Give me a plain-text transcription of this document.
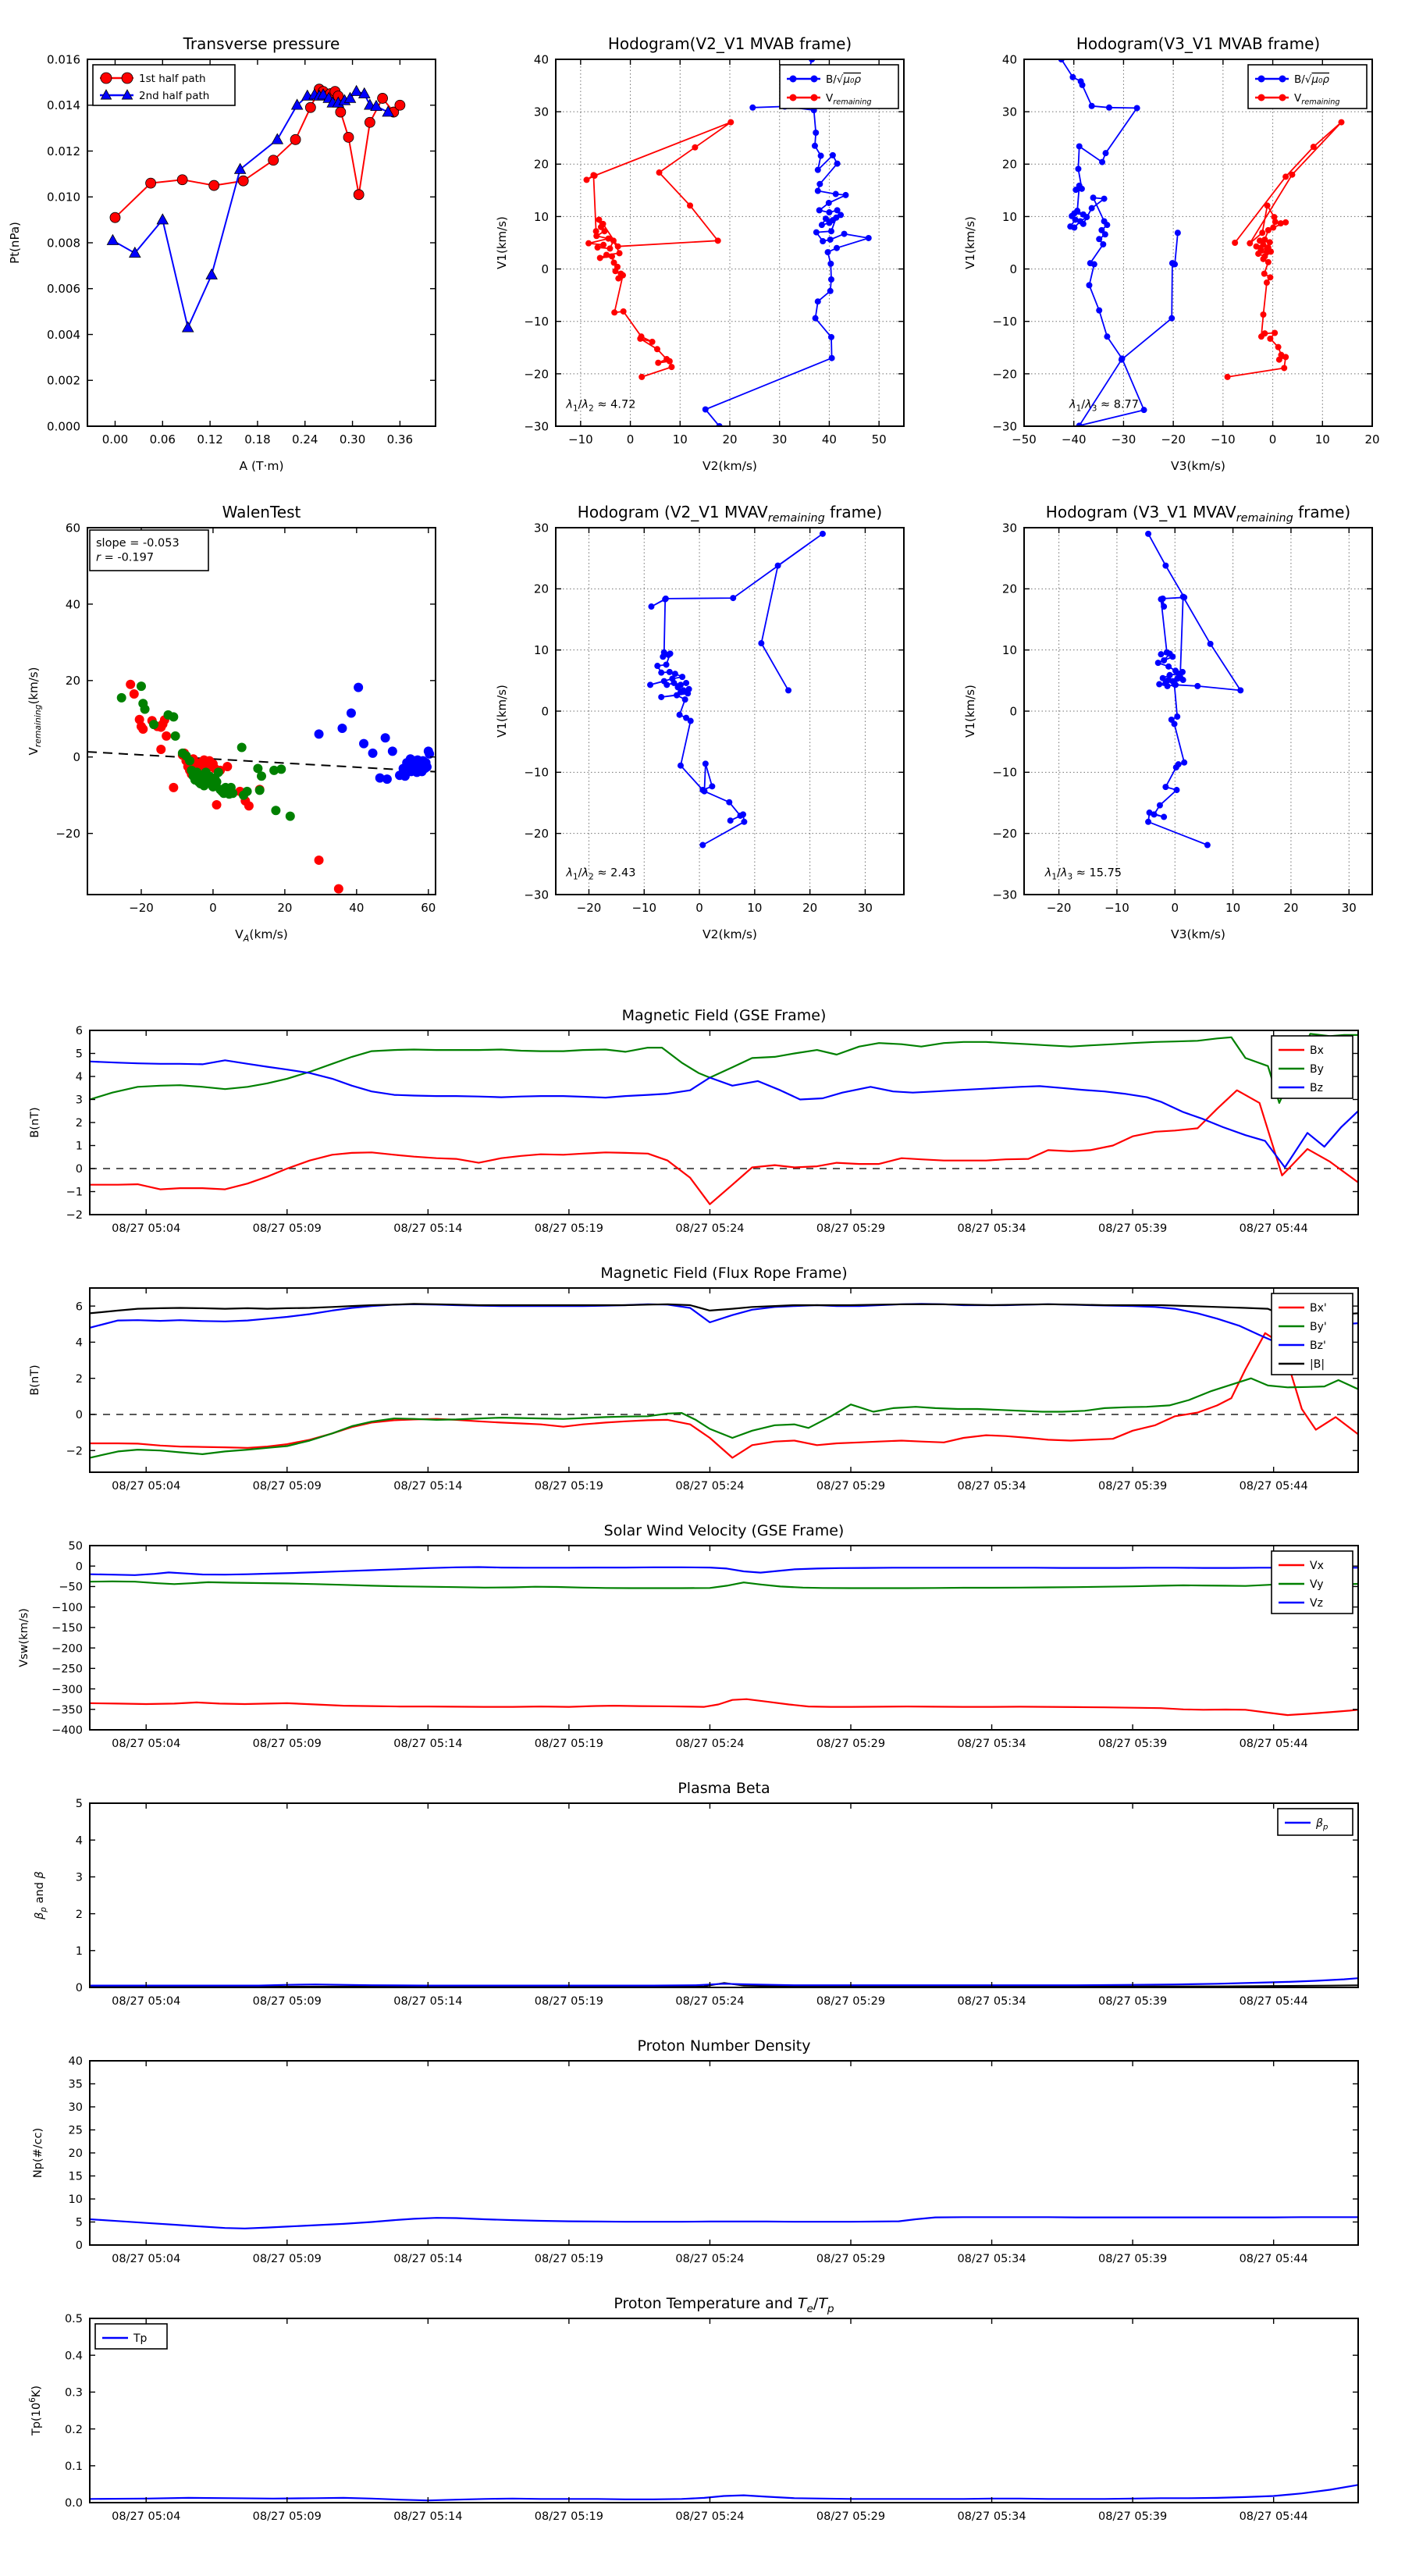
0.00 0.06 0.12 0.18 0.24 0.30 0.36
0.000
0.002
0.004
0.006
0.008
0.010
0.012
0.014
0.016
Transverse pressure
A (T·m)
Pt(nPa)
1st half path
2nd half path
−10	0	10	20	30	40	50
−30
−20
−10
0
10
20
30
40
Hodogram(V2_V1 MVAB frame)
V2(km/s)
V1(km/s)
B/√μ₀ρ
$V_{remaining}$
$\lambda_1/\lambda_2 \approx 4.72$
−50 −40 −30 −20 −10	0	10	20
−30
−20
−10
0
10
20
30
40
Hodogram(V3_V1 MVAB frame)
V3(km/s)
V1(km/s)
B/√μ₀ρ
$V_{remaining}$
$\lambda_1/\lambda_3 \approx 8.77$
−20	0	20	40	60
−20
0
20
40
60
WalenTest
$V_A(km/s)$
$V_{remaining}(km/s)$
slope = -0.053
r = -0.197
−20	−10	0	10	20	30
−30
−20
−10
0
10
20
30
Hodogram (V2_V1 $MVAV_{remaining}$ frame)
V2(km/s)
V1(km/s)
$\lambda_1/\lambda_2 \approx 2.43$
−20	−10	0	10	20	30
−30
−20
−10
0
10
20
30
Hodogram (V3_V1 $MVAV_{remaining}$ frame)
V3(km/s)
V1(km/s)
$\lambda_1/\lambda_3 \approx 15.75$
08/27 05:04	08/27 05:09	08/27 05:14	08/27 05:19	08/27 05:24	08/27 05:29	08/27 05:34	08/27 05:39	08/27 05:44
−2
−1
0
1
2
3
4
5
6
Magnetic Field (GSE Frame)
B(nT)
Bx
By
Bz
08/27 05:04	08/27 05:09	08/27 05:14	08/27 05:19	08/27 05:24	08/27 05:29	08/27 05:34	08/27 05:39	08/27 05:44
−2
0
2
4
6
Magnetic Field (Flux Rope Frame)
B(nT)
Bx'
By'
Bz'
|B|
08/27 05:04	08/27 05:09	08/27 05:14	08/27 05:19	08/27 05:24	08/27 05:29	08/27 05:34	08/27 05:39	08/27 05:44
50
0
−50
−100
−150
−200
−250
−300
−350
−400
Solar Wind Velocity (GSE Frame)
Vsw(km/s)
Vx
Vy
Vz
08/27 05:04	08/27 05:09	08/27 05:14	08/27 05:19	08/27 05:24	08/27 05:29	08/27 05:34	08/27 05:39	08/27 05:44
0
1
2
3
4
5
Plasma Beta
$\beta_p$ and β
$\beta_p$
08/27 05:04	08/27 05:09	08/27 05:14	08/27 05:19	08/27 05:24	08/27 05:29	08/27 05:34	08/27 05:39	08/27 05:44
0
5
10
15
20
25
30
35
40
Proton Number Density
Np(#/cc)
08/27 05:04	08/27 05:09	08/27 05:14	08/27 05:19	08/27 05:24	08/27 05:29	08/27 05:34	08/27 05:39	08/27 05:44
0.0
0.1
0.2
0.3
0.4
0.5
Proton Temperature and $T_e/T_p$
$Tp(10^6K)$
Tp
